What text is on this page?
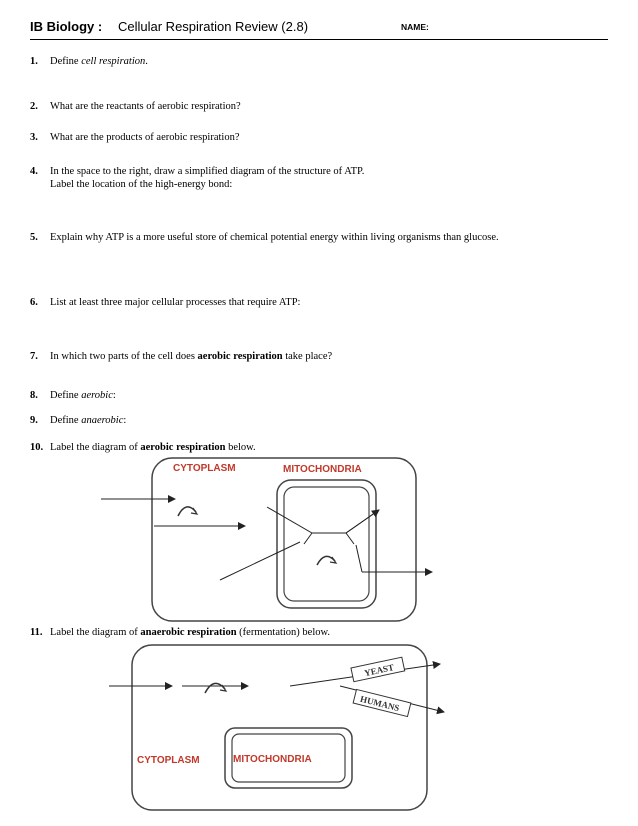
IB Biology : Cellular Respiration Review (2.8)	NAME:
1. Define cell respiration.
2. What are the reactants of aerobic respiration?
3. What are the products of aerobic respiration?
4. In the space to the right, draw a simplified diagram of the structure of ATP.
Label the location of the high-energy bond:
5. Explain why ATP is a more useful store of chemical potential energy within living organisms than glucose.
6. List at least three major cellular processes that require ATP:
7. In which two parts of the cell does aerobic respiration take place?
8. Define aerobic:
9. Define anaerobic:
10. Label the diagram of aerobic respiration below.
11. Label the diagram of anaerobic respiration (fermentation) below.
CYTOPLASM	MITOCHONDRIA
YEAST
HUMANS
CYTOPLASM	MITOCHONDRIA
